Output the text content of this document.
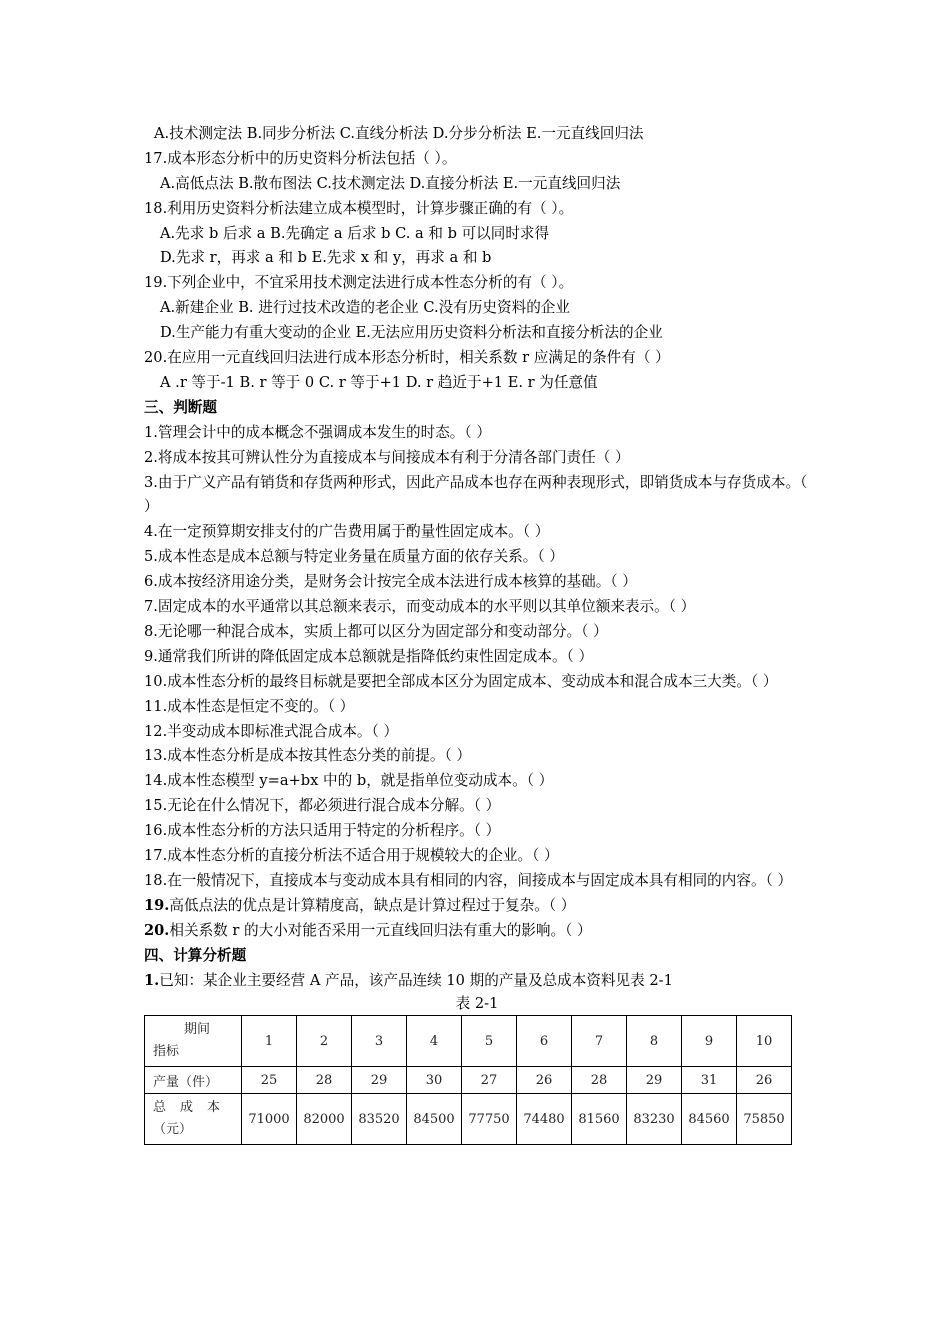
A.技术测定法 B.同步分析法 C.直线分析法 D.分步分析法 E.一元直线回归法
17.成本形态分析中的历史资料分析法包括（ ）。
A.高低点法 B.散布图法 C.技术测定法 D.直接分析法 E.一元直线回归法
18.利用历史资料分析法建立成本模型时，计算步骤正确的有（ ）。
A.先求 b 后求 a B.先确定 a 后求 b C. a 和 b 可以同时求得
D.先求 r，再求 a 和 b E.先求 x 和 y，再求 a 和 b
19.下列企业中，不宜采用技术测定法进行成本性态分析的有（ ）。
A.新建企业 B. 进行过技术改造的老企业 C.没有历史资料的企业
D.生产能力有重大变动的企业 E.无法应用历史资料分析法和直接分析法的企业
20.在应用一元直线回归法进行成本形态分析时，相关系数 r 应满足的条件有（ ）
A .r 等于-1 B. r 等于 0 C. r 等于+1 D. r 趋近于+1 E. r 为任意值
三、判断题
1.管理会计中的成本概念不强调成本发生的时态。（ ）
2.将成本按其可辨认性分为直接成本与间接成本有利于分清各部门责任（ ）
3.由于广义产品有销货和存货两种形式，因此产品成本也存在两种表现形式，即销货成本与存货成本。（ ）
4.在一定预算期安排支付的广告费用属于酌量性固定成本。（ ）
5.成本性态是成本总额与特定业务量在质量方面的依存关系。（ ）
6.成本按经济用途分类，是财务会计按完全成本法进行成本核算的基础。（ ）
7.固定成本的水平通常以其总额来表示，而变动成本的水平则以其单位额来表示。（ ）
8.无论哪一种混合成本，实质上都可以区分为固定部分和变动部分。（ ）
9.通常我们所讲的降低固定成本总额就是指降低约束性固定成本。（ ）
10.成本性态分析的最终目标就是要把全部成本区分为固定成本、变动成本和混合成本三大类。（ ）
11.成本性态是恒定不变的。（ ）
12.半变动成本即标准式混合成本。（ ）
13.成本性态分析是成本按其性态分类的前提。（ ）
14.成本性态模型 y=a+bx 中的 b，就是指单位变动成本。（ ）
15.无论在什么情况下，都必须进行混合成本分解。（ ）
16.成本性态分析的方法只适用于特定的分析程序。（ ）
17.成本性态分析的直接分析法不适合用于规模较大的企业。（ ）
18.在一般情况下，直接成本与变动成本具有相同的内容，间接成本与固定成本具有相同的内容。（ ）
19.高低点法的优点是计算精度高，缺点是计算过程过于复杂。（ ）
20.相关系数 r 的大小对能否采用一元直线回归法有重大的影响。（ ）
四、计算分析题
1.已知：某企业主要经营 A 产品，该产品连续 10 期的产量及总成本资料见表 2-1
表 2-1
期间
指标	1	2	3	4	5	6	7	8	9	10
产量（件）	25	28	29	30	27	26	28	29	31	26

总成本
（元）	71000	82000	83520	84500	77750	74480	81560	83230	84560	75850
